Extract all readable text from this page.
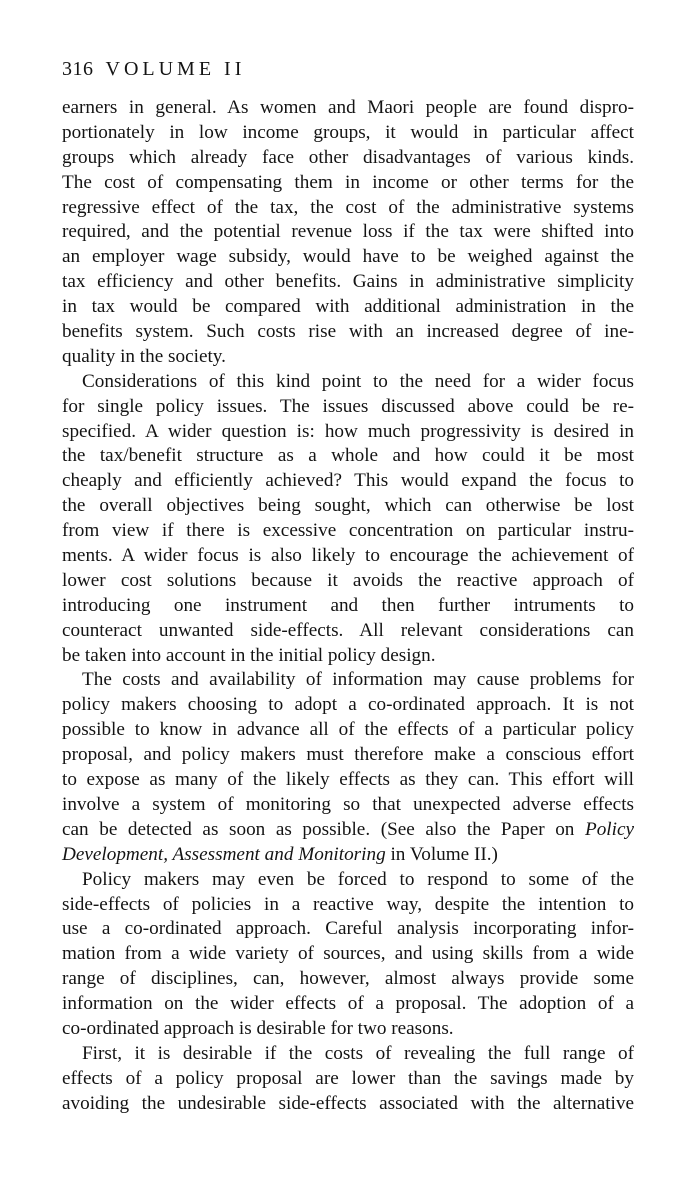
316 VOLUME II

earners in general. As women and Maori people are found dispro-
portionately in low income groups, it would in particular affect
groups which already face other disadvantages of various kinds.
The cost of compensating them in income or other terms for the
regressive effect of the tax, the cost of the administrative systems
required, and the potential revenue loss if the tax were shifted into
an employer wage subsidy, would have to be weighed against the
tax efficiency and other benefits. Gains in administrative simplicity
in tax would be compared with additional administration in the
benefits system. Such costs rise with an increased degree of ine-
quality in the society.

Considerations of this kind point to the need for a wider focus
for single policy issues. The issues discussed above could be re-
specified. A wider question is: how much progressivity is desired in
the tax/benefit structure as a whole and how could it be most
cheaply and efficiently achieved? This would expand the focus to
the overall objectives being sought, which can otherwise be lost
from view if there is excessive concentration on particular instru-
ments. A wider focus is also likely to encourage the achievement of
lower cost solutions because it avoids the reactive approach of
introducing one instrument and then further intruments to
counteract unwanted side-effects. All relevant considerations can
be taken into account in the initial policy design.

The costs and availability of information may cause problems for
policy makers choosing to adopt a co-ordinated approach. It is not
possible to know in advance all of the effects of a particular policy
proposal, and policy makers must therefore make a conscious effort
to expose as many of the likely effects as they can. This effort will
involve a system of monitoring so that unexpected adverse effects
can be detected as soon as possible. (See also the Paper on Policy
Development, Assessment and Monitoring in Volume II.)

Policy makers may even be forced to respond to some of the
side-effects of policies in a reactive way, despite the intention to
use a co-ordinated approach. Careful analysis incorporating infor-
mation from a wide variety of sources, and using skills from a wide
range of disciplines, can, however, almost always provide some
information on the wider effects of a proposal. The adoption of a
co-ordinated approach is desirable for two reasons.

First, it is desirable if the costs of revealing the full range of
effects of a policy proposal are lower than the savings made by
avoiding the undesirable side-effects associated with the alternative
